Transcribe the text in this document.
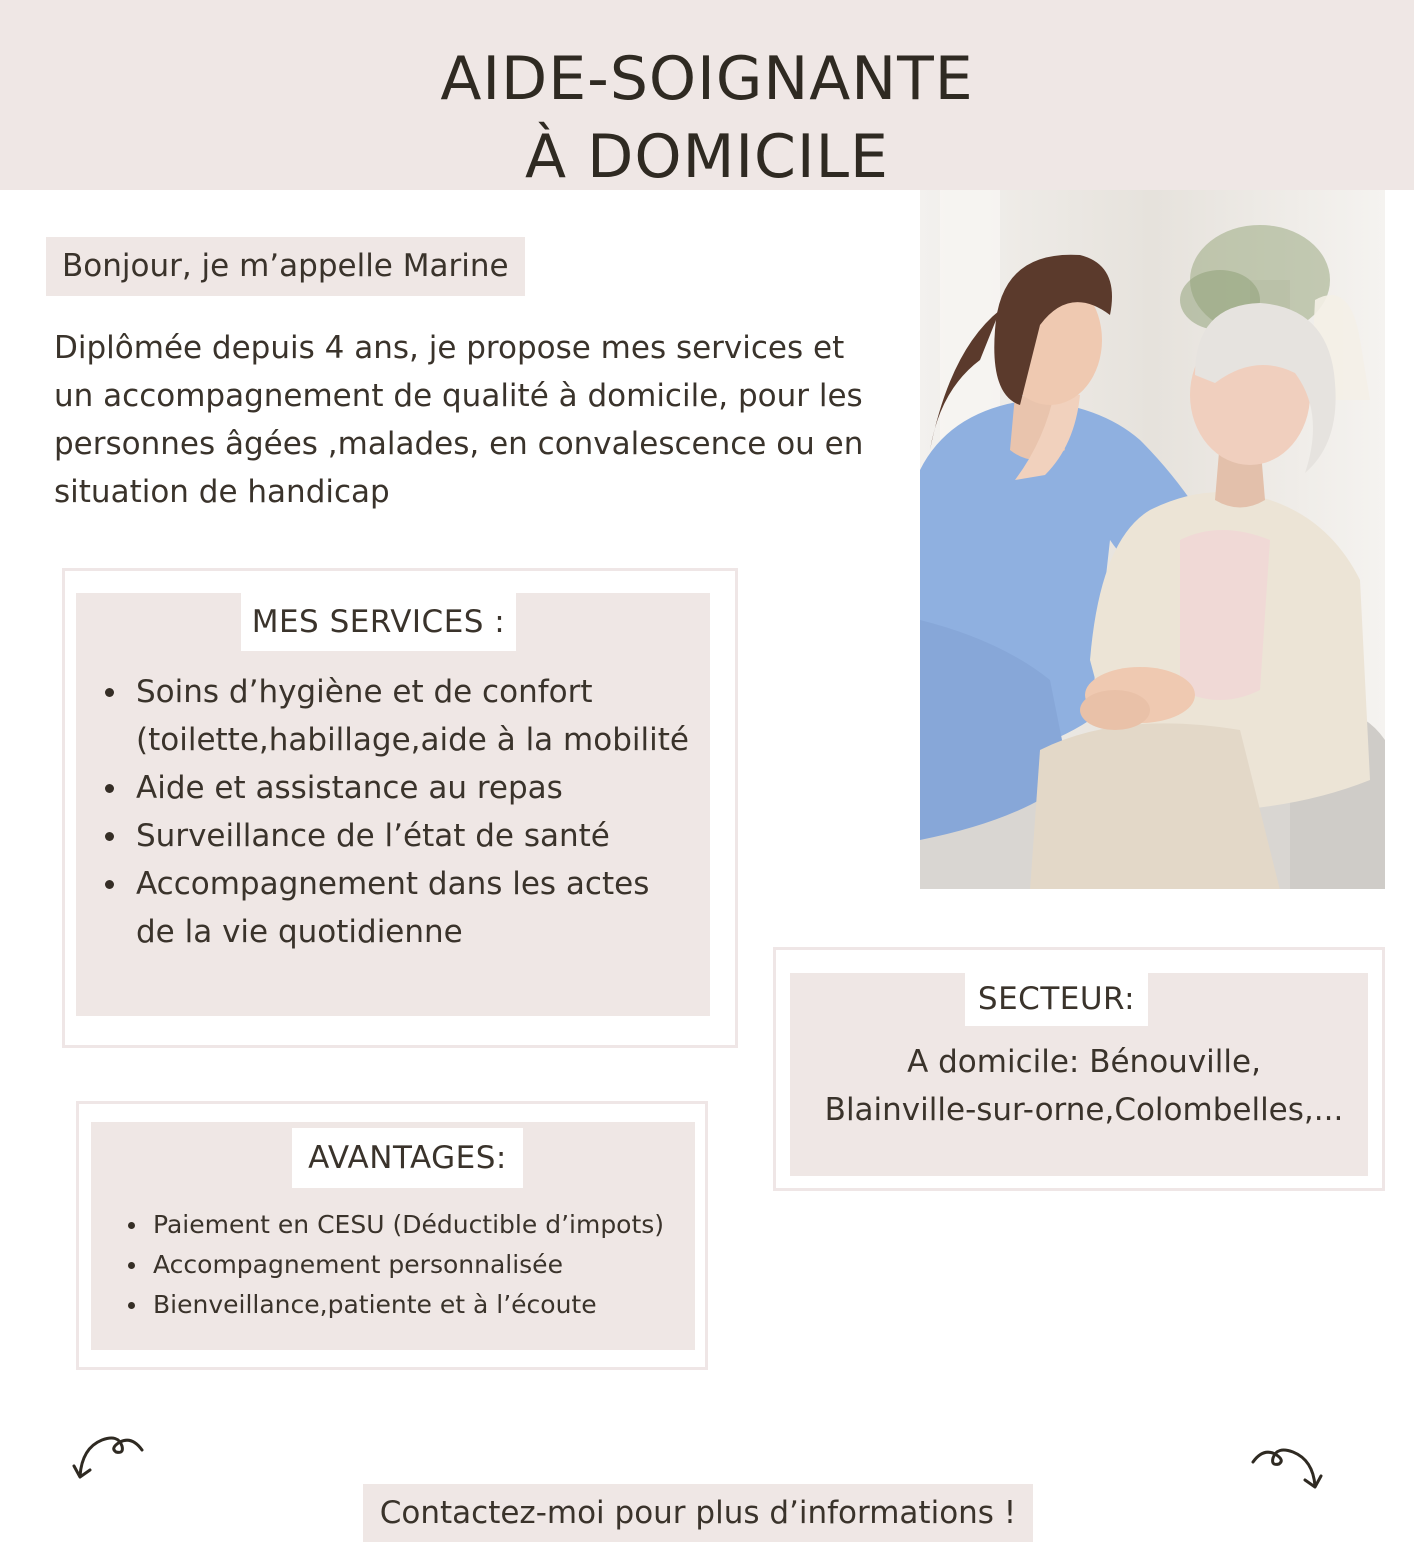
AIDE-SOIGNANTE
À DOMICILE
Bonjour, je m’appelle Marine

Diplômée depuis 4 ans, je propose mes services et un accompagnement de qualité à domicile, pour les personnes âgées ,malades, en convalescence ou en situation de handicap

MES SERVICES :
Soins d’hygiène et de confort (toilette,habillage,aide à la mobilité
Aide et assistance au repas
Surveillance de l’état de santé
Accompagnement dans les actes de la vie quotidienne
AVANTAGES:
Paiement en CESU (Déductible d’impots)
Accompagnement personnalisée
Bienveillance,patiente et à l’écoute
SECTEUR:
A domicile: Bénouville,
Blainville-sur-orne,Colombelles,...
Contactez-moi pour plus d’informations !
